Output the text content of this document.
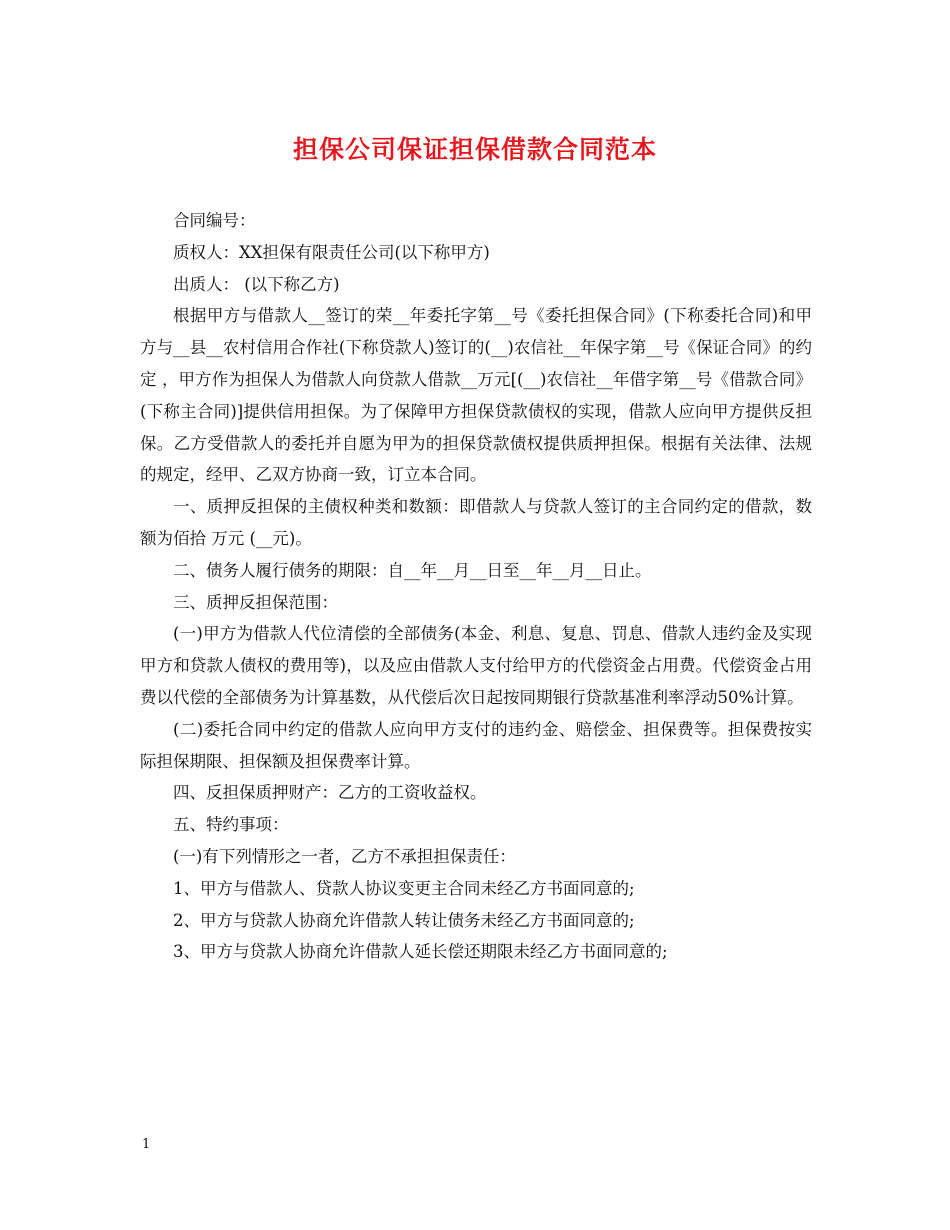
担保公司保证担保借款合同范本

合同编号：

质权人：XX担保有限责任公司(以下称甲方)

出质人： (以下称乙方)

根据甲方与借款人__签订的荣__年委托字第__号《委托担保合同》(下称委托合同)和甲方与__县__农村信用合作社(下称贷款人)签订的(__)农信社__年保字第__号《保证合同》的约定 ，甲方作为担保人为借款人向贷款人借款__万元[(__)农信社__年借字第__号《借款合同》(下称主合同)]提供信用担保。为了保障甲方担保贷款债权的实现，借款人应向甲方提供反担保。乙方受借款人的委托并自愿为甲为的担保贷款债权提供质押担保。根据有关法律、法规的规定，经甲、乙双方协商一致，订立本合同。

一、质押反担保的主债权种类和数额：即借款人与贷款人签订的主合同约定的借款，数额为佰拾 万元 (__元)。

二、债务人履行债务的期限：自__年__月__日至__年__月__日止。

三、质押反担保范围：

(一)甲方为借款人代位清偿的全部债务(本金、利息、复息、罚息、借款人违约金及实现甲方和贷款人债权的费用等)，以及应由借款人支付给甲方的代偿资金占用费。代偿资金占用费以代偿的全部债务为计算基数，从代偿后次日起按同期银行贷款基准利率浮动50%计算。

(二)委托合同中约定的借款人应向甲方支付的违约金、赔偿金、担保费等。担保费按实际担保期限、担保额及担保费率计算。

四、反担保质押财产：乙方的工资收益权。

五、特约事项：

(一)有下列情形之一者，乙方不承担担保责任：

1、甲方与借款人、贷款人协议变更主合同未经乙方书面同意的;

2、甲方与贷款人协商允许借款人转让债务未经乙方书面同意的;

3、甲方与贷款人协商允许借款人延长偿还期限未经乙方书面同意的;

1
